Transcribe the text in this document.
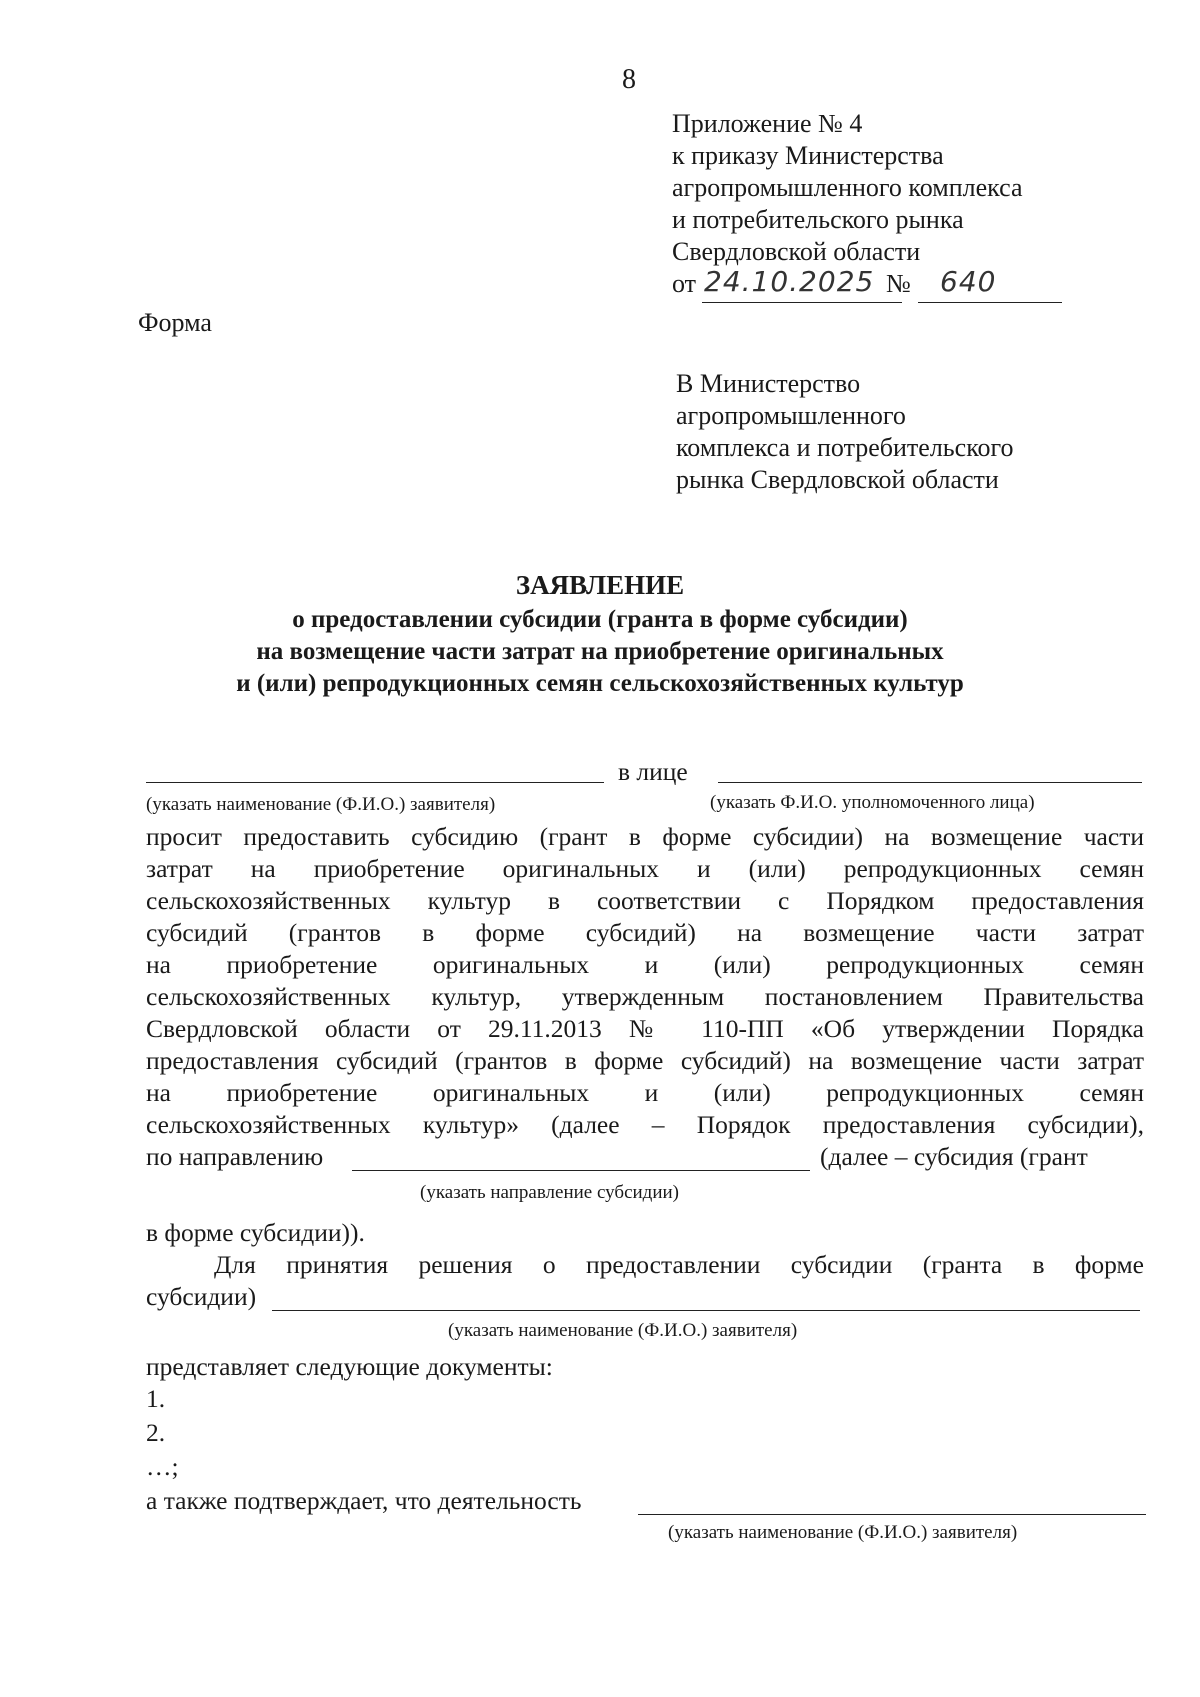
8
Приложение № 4
к приказу Министерства
агропромышленного комплекса
и потребительского рынка
Свердловской области
от 24.10.2025 № 640
Форма
В Министерство
агропромышленного
комплекса и потребительского
рынка Свердловской области
ЗАЯВЛЕНИЕ
о предоставлении субсидии (гранта в форме субсидии)
на возмещение части затрат на приобретение оригинальных
и (или) репродукционных семян сельскохозяйственных культур
в лице
(указать наименование (Ф.И.О.) заявителя)	(указать Ф.И.О. уполномоченного лица)
просит предоставить субсидию (грант в форме субсидии) на возмещение части
затрат на приобретение оригинальных и (или) репродукционных семян
сельскохозяйственных культур в соответствии с Порядком предоставления
субсидий (грантов в форме субсидий) на возмещение части затрат
на приобретение оригинальных и (или) репродукционных семян
сельскохозяйственных культур, утвержденным постановлением Правительства
Свердловской области от 29.11.2013 № 110-ПП «Об утверждении Порядка
предоставления субсидий (грантов в форме субсидий) на возмещение части затрат
на приобретение оригинальных и (или) репродукционных семян
сельскохозяйственных культур» (далее – Порядок предоставления субсидии),
по направлению	(далее – субсидия (грант
(указать направление субсидии)
в форме субсидии)).
Для принятия решения о предоставлении субсидии (гранта в форме
субсидии)
(указать наименование (Ф.И.О.) заявителя)
представляет следующие документы:
1.
2.
…;
а также подтверждает, что деятельность
(указать наименование (Ф.И.О.) заявителя)
